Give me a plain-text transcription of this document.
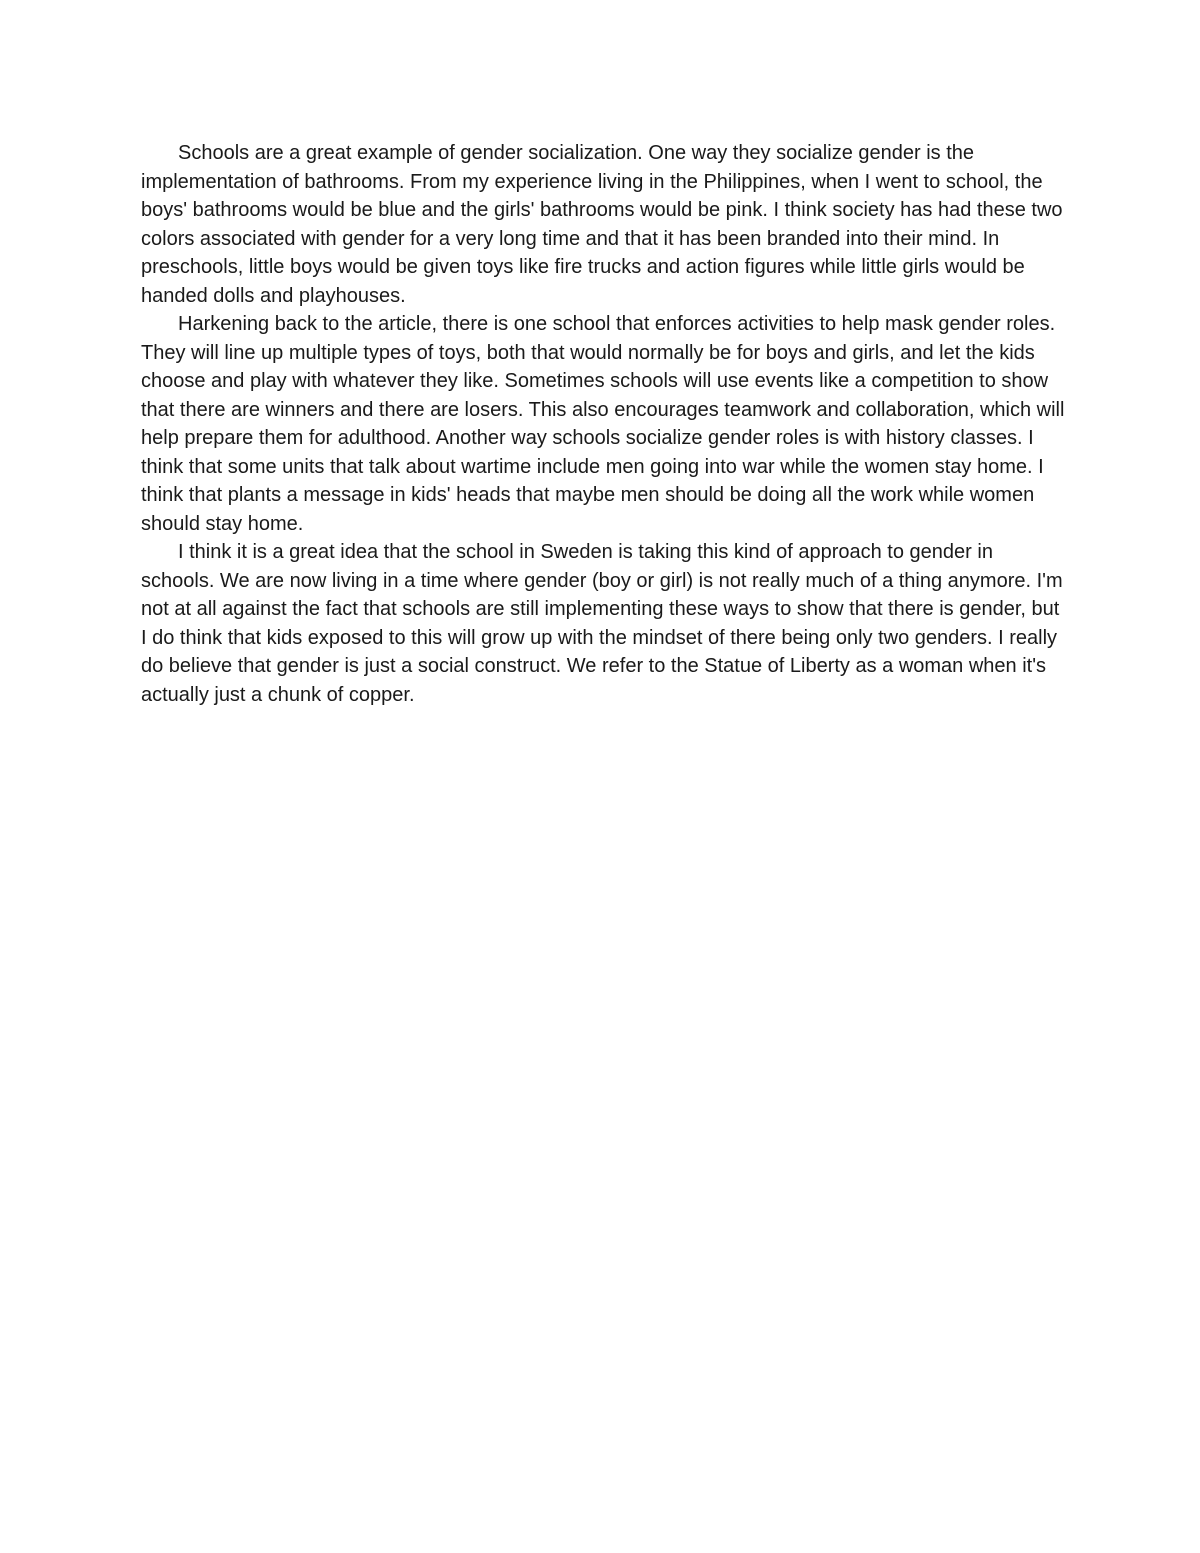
Schools are a great example of gender socialization. One way they socialize gender is the implementation of bathrooms. From my experience living in the Philippines, when I went to school, the boys' bathrooms would be blue and the girls' bathrooms would be pink. I think society has had these two colors associated with gender for a very long time and that it has been branded into their mind. In preschools, little boys would be given toys like fire trucks and action figures while little girls would be handed dolls and playhouses.

Harkening back to the article, there is one school that enforces activities to help mask gender roles. They will line up multiple types of toys, both that would normally be for boys and girls, and let the kids choose and play with whatever they like. Sometimes schools will use events like a competition to show that there are winners and there are losers. This also encourages teamwork and collaboration, which will help prepare them for adulthood. Another way schools socialize gender roles is with history classes. I think that some units that talk about wartime include men going into war while the women stay home. I think that plants a message in kids' heads that maybe men should be doing all the work while women should stay home.

I think it is a great idea that the school in Sweden is taking this kind of approach to gender in schools. We are now living in a time where gender (boy or girl) is not really much of a thing anymore. I'm not at all against the fact that schools are still implementing these ways to show that there is gender, but I do think that kids exposed to this will grow up with the mindset of there being only two genders. I really do believe that gender is just a social construct. We refer to the Statue of Liberty as a woman when it's actually just a chunk of copper.
